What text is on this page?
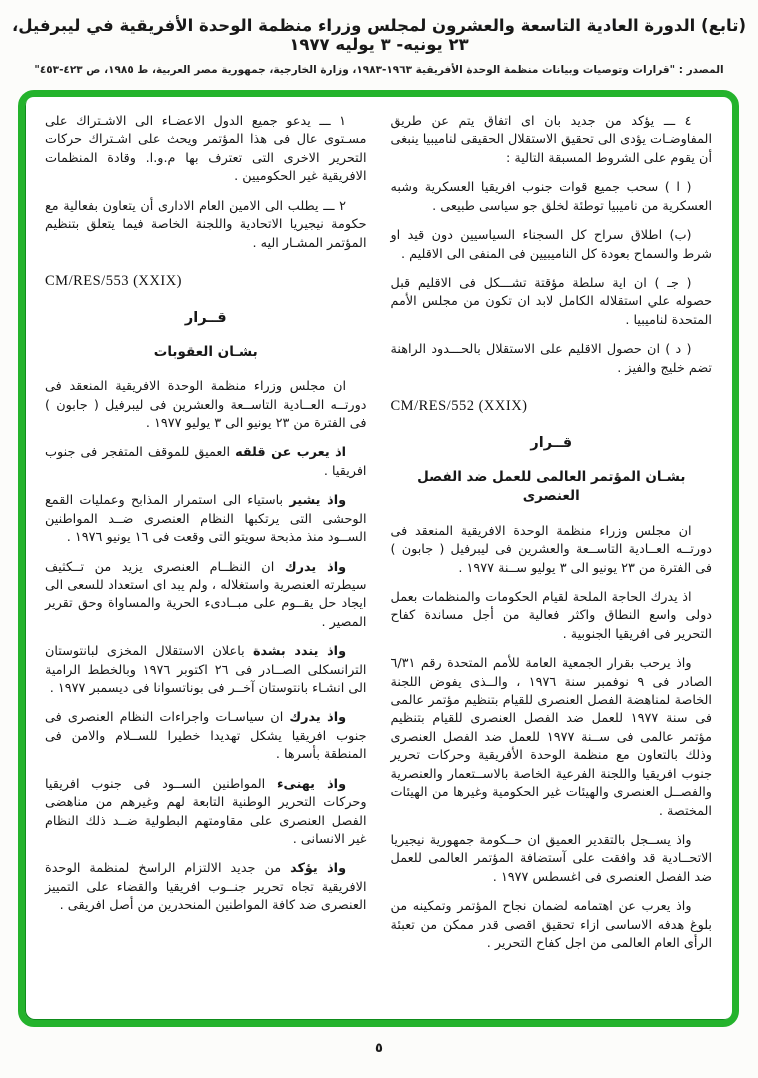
(تابع) الدورة العادية التاسعة والعشرون لمجلس وزراء منظمة الوحدة الأفريقية في ليبرفيل، ٢٣ يونيه- ٣ يوليه ١٩٧٧
المصدر : "قرارات وتوصيات وبيانات منظمة الوحدة الأفريقية ١٩٦٣-١٩٨٣، وزارة الخارجية، جمهورية مصر العربية، ط ١٩٨٥، ص ٤٢٣-٤٥٣"

٤ ـــ يؤكد من جديد بان اى اتفاق يتم عن طريق المفاوضـات يؤدى الى تحقيق الاستقلال الحقيقى لناميبيا ينبغى أن يقوم على الشروط المسبقة التالية :

( ا ) سحب جميع قوات جنوب افريقيا العسكرية وشبه العسكرية من ناميبيا توطئة لخلق جو سياسى طبيعى .

(ب) اطلاق سراح كل السجناء السياسيين دون قيد او شرط والسماح بعودة كل الناميبيين فى المنفى الى الاقليم .

( جـ ) ان اية سلطة مؤقتة تشـــكل فى الاقليم قبل حصوله علي استقلاله الكامل لابد ان تكون من مجلس الأمم المتحدة لناميبيا .

( د ) ان حصول الاقليم على الاستقلال بالحـــدود الراهنة تضم خليج والفيز .

CM/RES/552 (XXIX)

قــرار

بشـان المؤتمر العالمى للعمل ضد الفصل العنصرى

ان مجلس وزراء منظمة الوحدة الافريقية المنعقد فى دورتــه العــادية التاســعة والعشرين فى ليبرفيل ( جابون ) فى الفترة من ٢٣ يونيو الى ٣ يوليو ســنة ١٩٧٧ .

اذ يدرك الحاجة الملحة لقيام الحكومات والمنظمات بعمل دولى واسع النطاق واكثر فعالية من أجل مساندة كفاح التحرير فى افريقيا الجنوبية .

واذ يرحب بقرار الجمعية العامة للأمم المتحدة رقم ٦/٣١ الصادر فى ٩ نوفمبر سنة ١٩٧٦ ، والــذى يفوض اللجنة الخاصة لمناهضة الفصل العنصرى للقيام بتنظيم مؤتمر عالمى فى سنة ١٩٧٧ للعمل ضد الفصل العنصرى للقيام بتنظيم مؤتمر عالمى فى ســنة ١٩٧٧ للعمل ضد الفصل العنصرى وذلك بالتعاون مع منظمة الوحدة الأفريقية وحركات تحرير جنوب افريقيا واللجنة الفرعية الخاصة بالاســتعمار والعنصرية والفصــل العنصرى والهيئات غير الحكومية وغيرها من الهيئات المختصة .

واذ يســجل بالتقدير العميق ان حــكومة جمهورية نيجيريا الاتحــادية قد وافقت على آستضافة المؤتمر العالمى للعمل ضد الفصل العنصرى فى اغسطس ١٩٧٧ .

واذ يعرب عن اهتمامه لضمان نجاح المؤتمر وتمكينه من بلوغ هدفه الاساسى ازاء تحقيق اقصى قدر ممكن من تعبئة الرأى العام العالمى من اجل كفاح التحرير .

١ ـــ يدعو جميع الدول الاعضـاء الى الاشـتراك على مسـتوى عال فى هذا المؤتمر ويحث على اشـتراك حركات التحرير الاخرى التى تعترف بها م.و.ا. وقادة المنظمات الافريقية غير الحكوميين .

٢ ـــ يطلب الى الامين العام الادارى أن يتعاون بفعالية مع حكومة نيجيريا الاتحادية واللجنة الخاصة فيما يتعلق بتنظيم المؤتمر المشـار اليه .

CM/RES/553 (XXIX)

قــرار

بشـان العقوبات

ان مجلس وزراء منظمة الوحدة الافريقية المنعقد فى دورتــه العــادية التاســعة والعشرين فى ليبرفيل ( جابون ) فى الفترة من ٢٣ يونيو الى ٣ يوليو ١٩٧٧ .

اذ يعرب عن قلقه العميق للموقف المتفجر فى جنوب افريقيا .

واذ يشير باستياء الى استمرار المذابح وعمليات القمع الوحشى التى يرتكبها النظام العنصرى ضــد المواطنين الســود منذ مذبحة سويتو التى وقعت فى ١٦ يونيو ١٩٧٦ .

واذ يدرك ان النظــام العنصرى يزيد من تــكثيف سيطرته العنصرية واستغلاله ، ولم يبد اى استعداد للسعى الى ايجاد حل يقــوم على مبــادىء الحرية والمساواة وحق تقرير المصير .

واذ يندد بشدة باعلان الاستقلال المخزى لبانتوستان الترانسكلى الصــادر فى ٢٦ اكتوبر ١٩٧٦ وبالخطط الرامية الى انشـاء بانتوستان آخــر فى بوناتسوانا فى ديسمبر ١٩٧٧ .

واذ يدرك ان سياسـات واجراءات النظام العنصرى فى جنوب افريقيا يشكل تهديدا خطيرا للســلام والامن فى المنطقة بأسرها .

واذ يهنىء المواطنين الســود فى جنوب افريقيا وحركات التحرير الوطنية التابعة لهم وغيرهم من مناهضى الفصل العنصرى على مقاومتهم البطولية ضــد ذلك النظام غير الانسانى .

واذ يؤكد من جديد الالتزام الراسخ لمنظمة الوحدة الافريقية تجاه تحرير جنــوب افريقيا والقضاء على التمييز العنصرى ضد كافة المواطنين المنحدرين من أصل افريقى .

٥
